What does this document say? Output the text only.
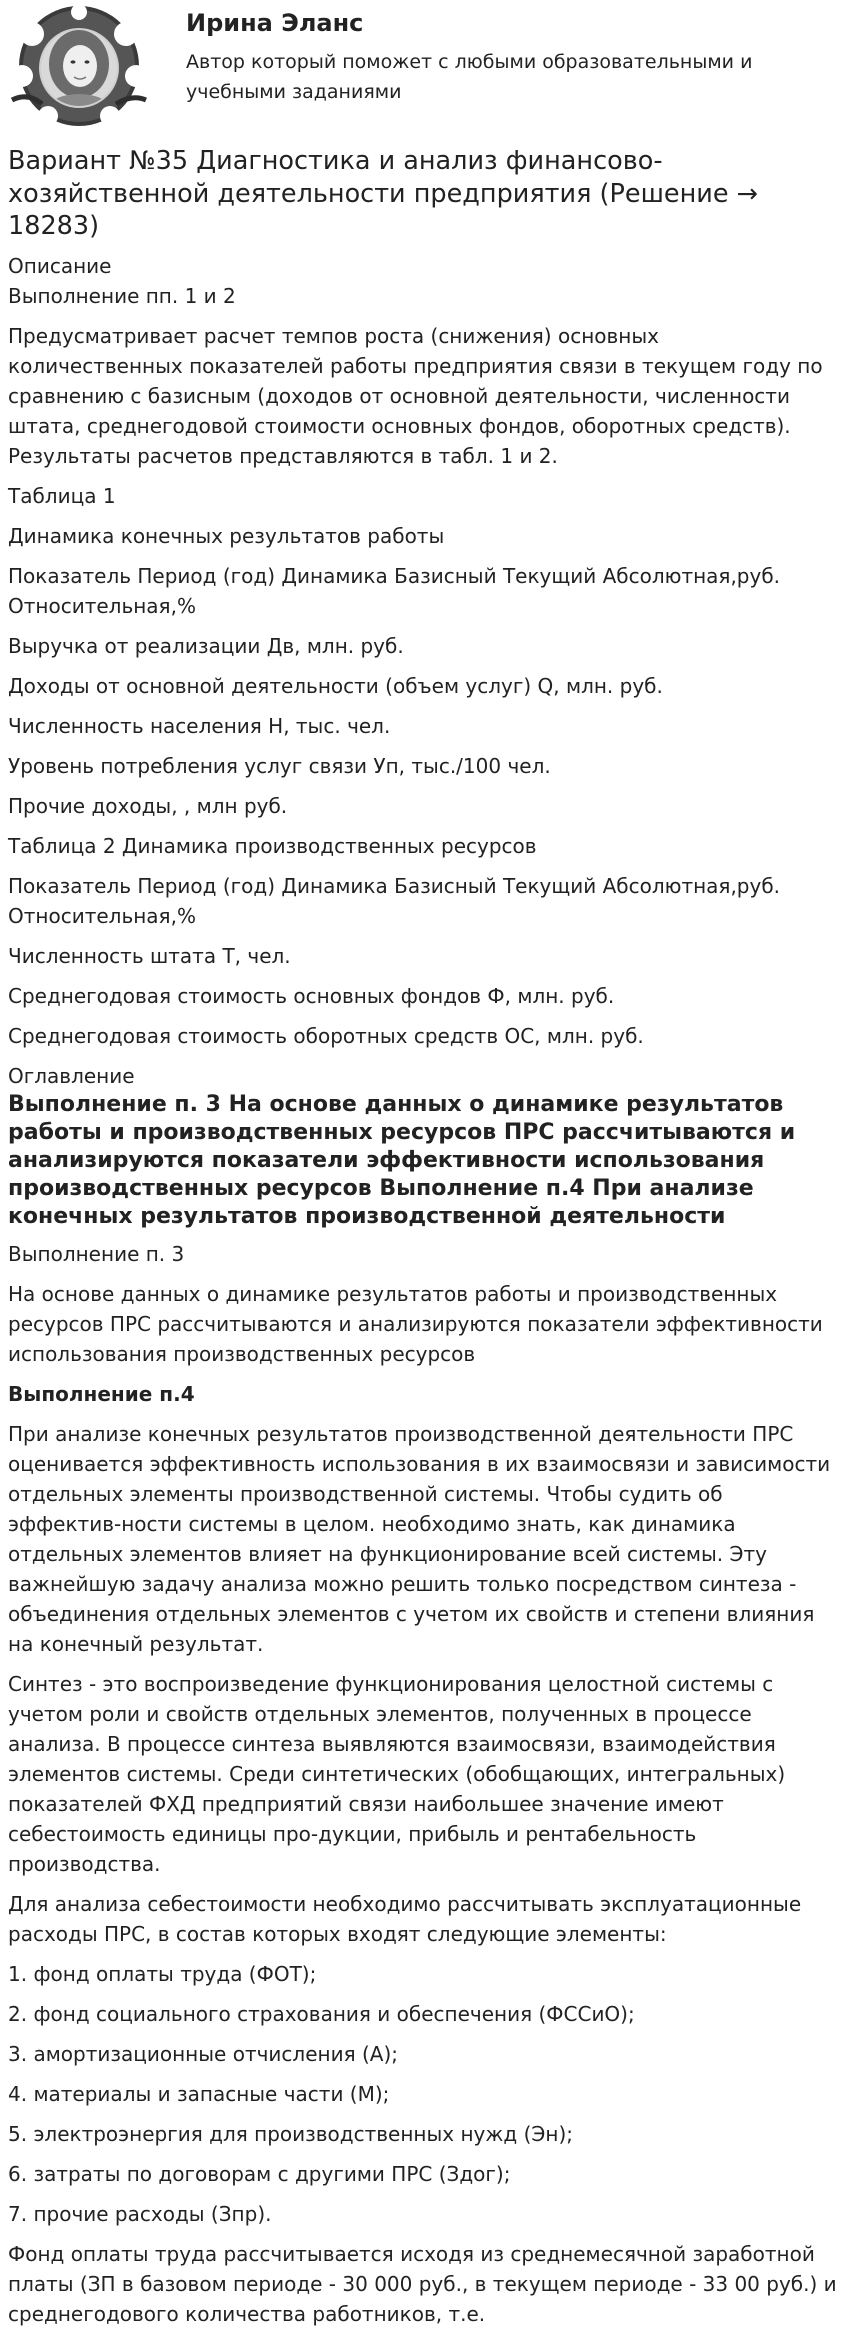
Ирина Эланс
Автор который поможет с любыми образовательными и учебными заданиями
Вариант №35 Диагностика и анализ финансово-хозяйственной деятельности предприятия (Решение → 18283)
Описание
Выполнение пп. 1 и 2

Предусматривает расчет темпов роста (снижения) основных количественных показателей работы предприятия связи в текущем году по сравнению с базисным (доходов от основной деятельности, численности штата, среднегодовой стоимости основных фондов, оборотных средств). Результаты расчетов представляются в табл. 1 и 2.

Таблица 1

Динамика конечных результатов работы

Показатель Период (год) Динамика Базисный Текущий Абсолютная,руб. Относительная,%

Выручка от реализации Дв, млн. руб.

Доходы от основной деятельности (объем услуг) Q, млн. руб.

Численность населения Н, тыс. чел.

Уровень потребления услуг связи Уп, тыс./100 чел.

Прочие доходы, , млн руб.

Таблица 2 Динамика производственных ресурсов

Показатель Период (год) Динамика Базисный Текущий Абсолютная,руб. Относительная,%

Численность штата Т, чел.

Среднегодовая стоимость основных фондов Ф, млн. руб.

Среднегодовая стоимость оборотных средств ОС, млн. руб.

Оглавление
Выполнение п. 3 На основе данных о динамике результатов работы и производственных ресурсов ПРС рассчитываются и анализируются показатели эффективности использования производственных ресурсов Выполнение п.4 При анализе конечных результатов производственной деятельности

Выполнение п. 3

На основе данных о динамике результатов работы и производственных ресурсов ПРС рассчитываются и анализируются показатели эффективности использования производственных ресурсов

Выполнение п.4

При анализе конечных результатов производственной деятельности ПРС оценивается эффективность использования в их взаимосвязи и зависимости отдельных элементы производственной системы. Чтобы судить об эффектив-ности системы в целом. необходимо знать, как динамика отдельных элементов влияет на функционирование всей системы. Эту важнейшую задачу анализа можно решить только посредством синтеза - объединения отдельных элементов с учетом их свойств и степени влияния на конечный результат.

Синтез - это воспроизведение функционирования целостной системы с учетом роли и свойств отдельных элементов, полученных в процессе анализа. В процессе синтеза выявляются взаимосвязи, взаимодействия элементов системы. Среди синтетических (обобщающих, интегральных) показателей ФХД предприятий связи наибольшее значение имеют себестоимость единицы про-дукции, прибыль и рентабельность производства.

Для анализа себестоимости необходимо рассчитывать эксплуатационные расходы ПРС, в состав которых входят следующие элементы:

1. фонд оплаты труда (ФОТ);

2. фонд социального страхования и обеспечения (ФССиО);

3. амортизационные отчисления (А);

4. материалы и запасные части (М);

5. электроэнергия для производственных нужд (Эн);

6. затраты по договорам с другими ПРС (Здог);

7. прочие расходы (Зпр).

Фонд оплаты труда рассчитывается исходя из среднемесячной заработной платы (ЗП в базовом периоде - 30 000 руб., в текущем периоде - 33 00 руб.) и среднегодового количества работников, т.е.
